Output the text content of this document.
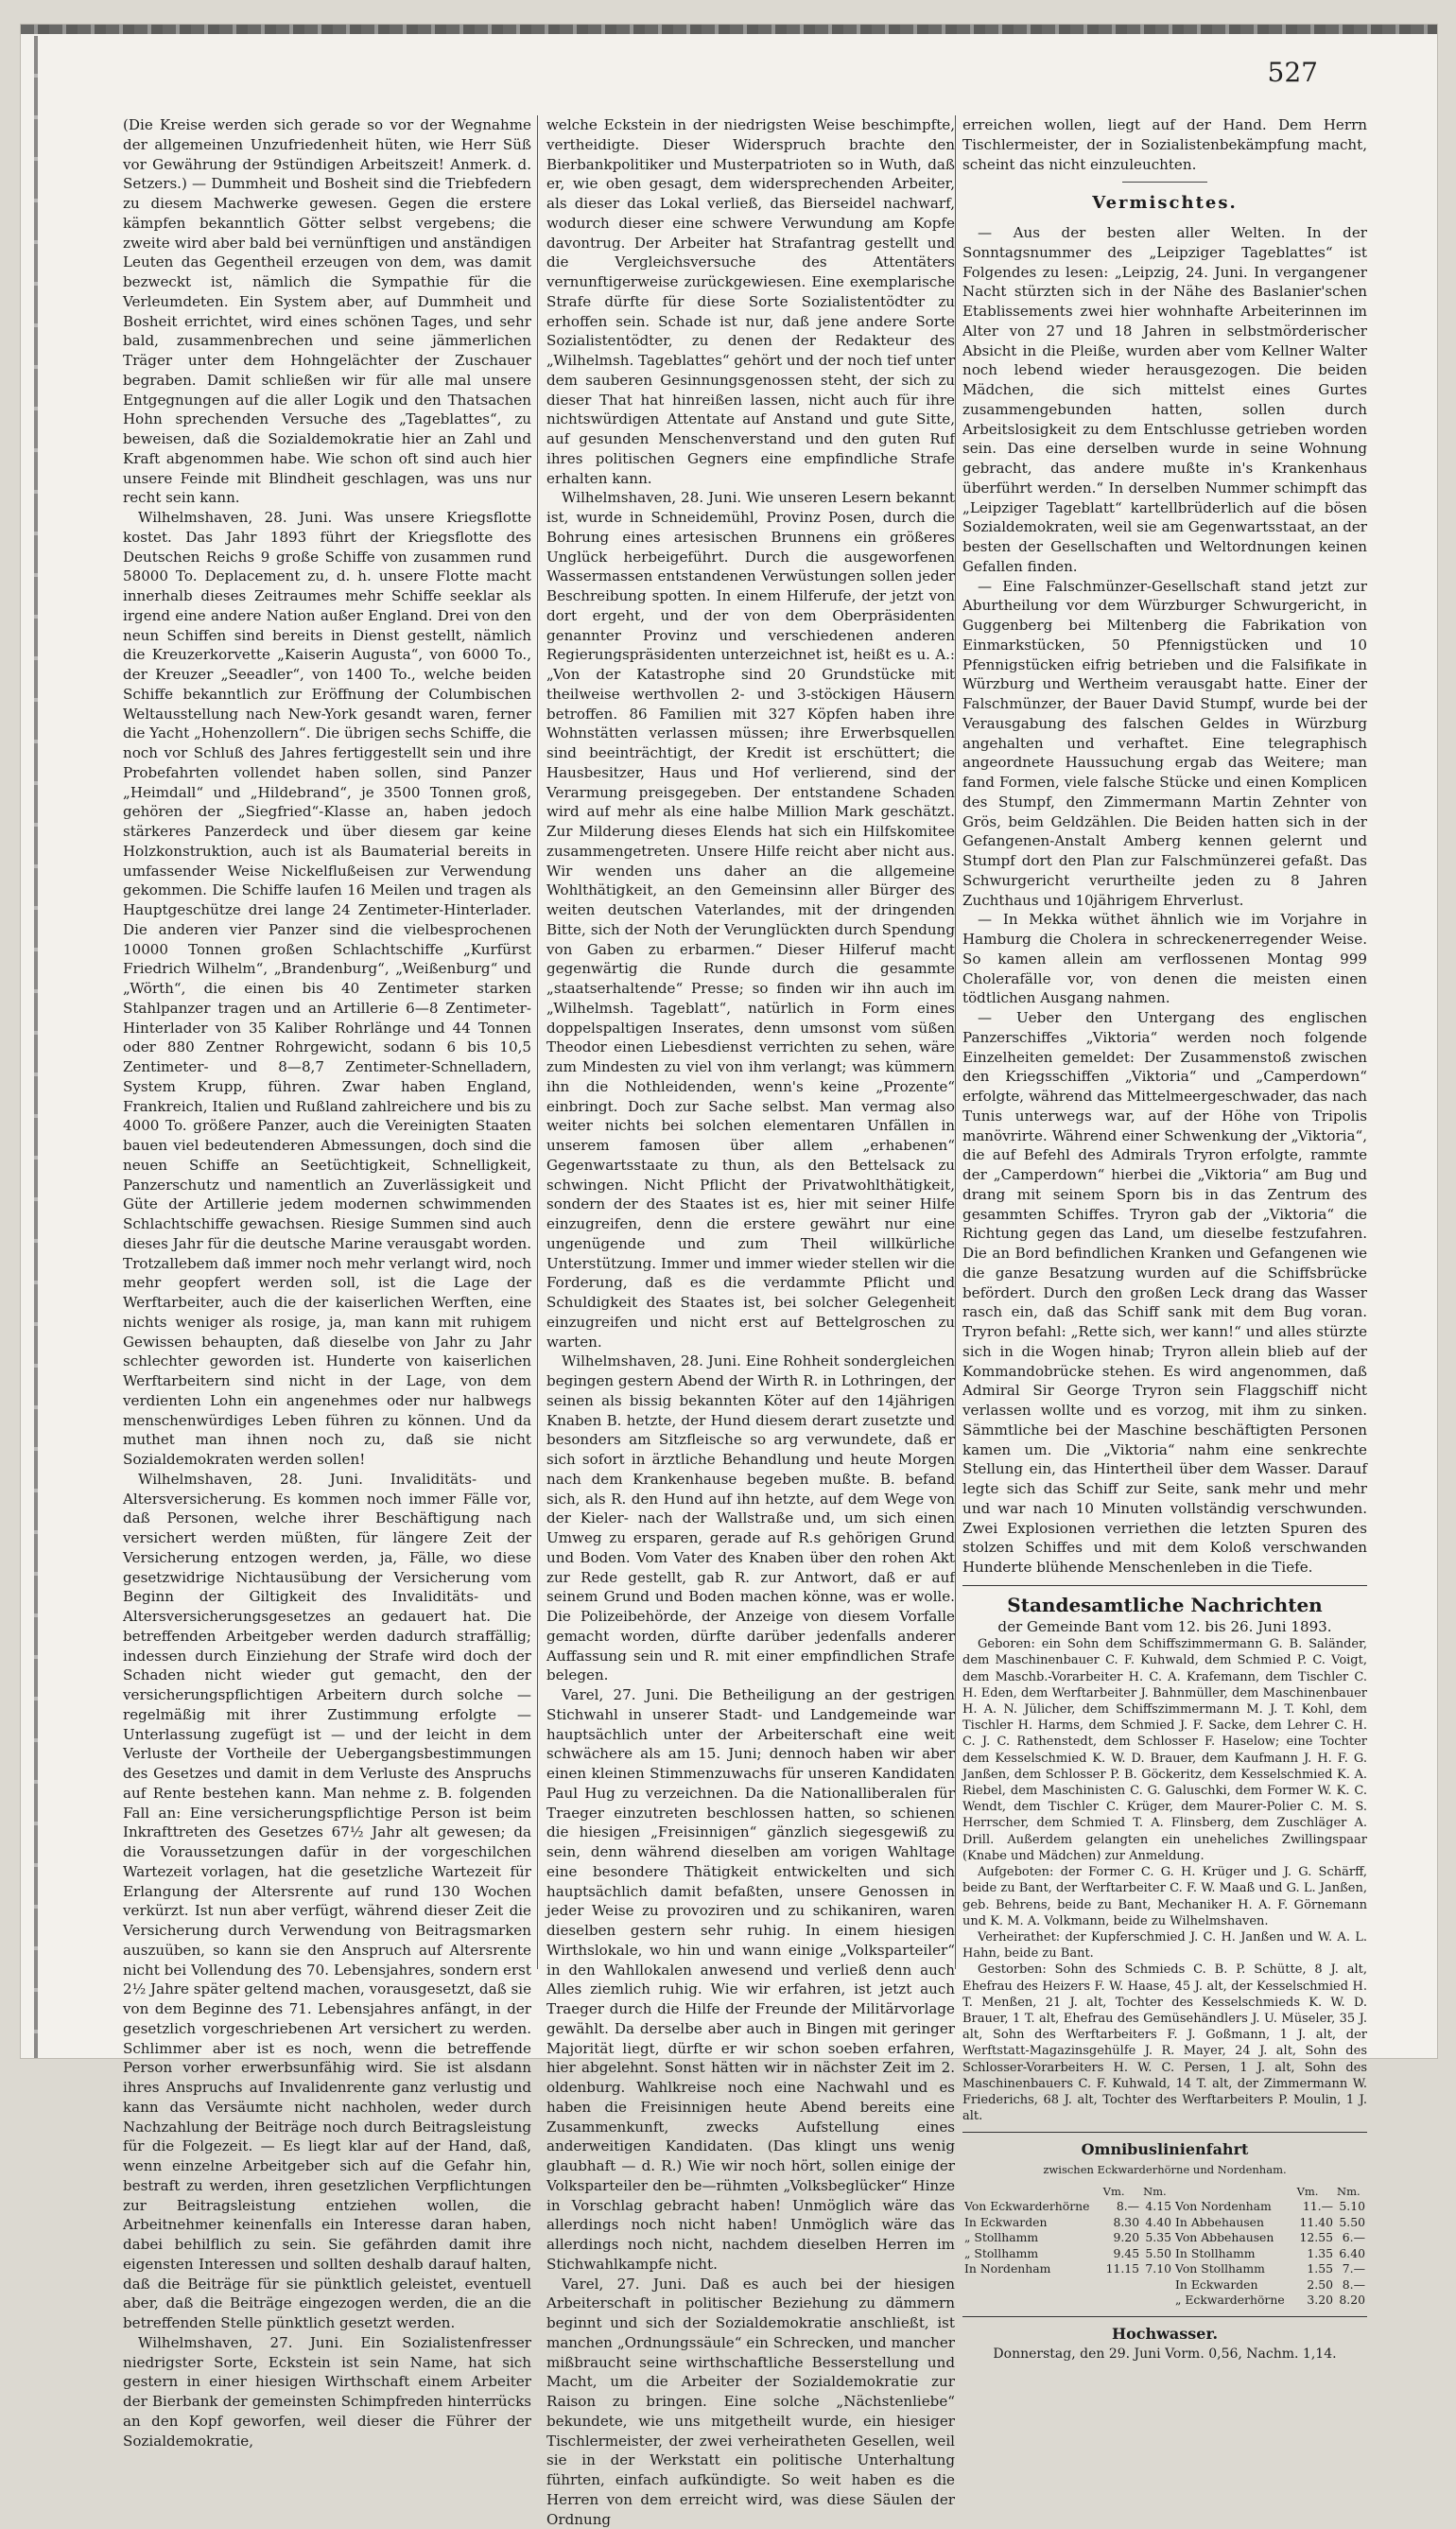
527

(Die Kreise werden sich gerade so vor der Wegnahme der allgemeinen Unzufriedenheit hüten, wie Herr Süß vor Gewährung der 9stündigen Arbeitszeit! Anmerk. d. Setzers.) — Dummheit und Bosheit sind die Triebfedern zu diesem Machwerke gewesen. Gegen die erstere kämpfen bekanntlich Götter selbst vergebens; die zweite wird aber bald bei vernünftigen und anständigen Leuten das Gegentheil erzeugen von dem, was damit bezweckt ist, nämlich die Sympathie für die Verleumdeten. Ein System aber, auf Dummheit und Bosheit errichtet, wird eines schönen Tages, und sehr bald, zusammenbrechen und seine jämmerlichen Träger unter dem Hohngelächter der Zuschauer begraben. Damit schließen wir für alle mal unsere Entgegnungen auf die aller Logik und den Thatsachen Hohn sprechenden Versuche des „Tageblattes“, zu beweisen, daß die Sozialdemokratie hier an Zahl und Kraft abgenommen habe. Wie schon oft sind auch hier unsere Feinde mit Blindheit geschlagen, was uns nur recht sein kann.

Wilhelmshaven, 28. Juni. Was unsere Kriegsflotte kostet. Das Jahr 1893 führt der Kriegsflotte des Deutschen Reichs 9 große Schiffe von zusammen rund 58000 To. Deplacement zu, d. h. unsere Flotte macht innerhalb dieses Zeitraumes mehr Schiffe seeklar als irgend eine andere Nation außer England. Drei von den neun Schiffen sind bereits in Dienst gestellt, nämlich die Kreuzerkorvette „Kaiserin Augusta“, von 6000 To., der Kreuzer „Seeadler“, von 1400 To., welche beiden Schiffe bekanntlich zur Eröffnung der Columbischen Weltausstellung nach New-York gesandt waren, ferner die Yacht „Hohenzollern“. Die übrigen sechs Schiffe, die noch vor Schluß des Jahres fertiggestellt sein und ihre Probefahrten vollendet haben sollen, sind Panzer „Heimdall“ und „Hildebrand“, je 3500 Tonnen groß, gehören der „Siegfried“-Klasse an, haben jedoch stärkeres Panzerdeck und über diesem gar keine Holzkonstruktion, auch ist als Baumaterial bereits in umfassender Weise Nickelflußeisen zur Verwendung gekommen. Die Schiffe laufen 16 Meilen und tragen als Hauptgeschütze drei lange 24 Zentimeter-Hinterlader. Die anderen vier Panzer sind die vielbesprochenen 10000 Tonnen großen Schlachtschiffe „Kurfürst Friedrich Wilhelm“, „Brandenburg“, „Weißenburg“ und „Wörth“, die einen bis 40 Zentimeter starken Stahlpanzer tragen und an Artillerie 6—8 Zentimeter-Hinterlader von 35 Kaliber Rohrlänge und 44 Tonnen oder 880 Zentner Rohrgewicht, sodann 6 bis 10,5 Zentimeter- und 8—8,7 Zentimeter-Schnelladern, System Krupp, führen. Zwar haben England, Frankreich, Italien und Rußland zahlreichere und bis zu 4000 To. größere Panzer, auch die Vereinigten Staaten bauen viel bedeutenderen Abmessungen, doch sind die neuen Schiffe an Seetüchtigkeit, Schnelligkeit, Panzerschutz und namentlich an Zuverlässigkeit und Güte der Artillerie jedem modernen schwimmenden Schlachtschiffe gewachsen. Riesige Summen sind auch dieses Jahr für die deutsche Marine verausgabt worden. Trotzallebem daß immer noch mehr verlangt wird, noch mehr geopfert werden soll, ist die Lage der Werftarbeiter, auch die der kaiserlichen Werften, eine nichts weniger als rosige, ja, man kann mit ruhigem Gewissen behaupten, daß dieselbe von Jahr zu Jahr schlechter geworden ist. Hunderte von kaiserlichen Werftarbeitern sind nicht in der Lage, von dem verdienten Lohn ein angenehmes oder nur halbwegs menschenwürdiges Leben führen zu können. Und da muthet man ihnen noch zu, daß sie nicht Sozialdemokraten werden sollen!

Wilhelmshaven, 28. Juni. Invaliditäts- und Altersversicherung. Es kommen noch immer Fälle vor, daß Personen, welche ihrer Beschäftigung nach versichert werden müßten, für längere Zeit der Versicherung entzogen werden, ja, Fälle, wo diese gesetzwidrige Nichtausübung der Versicherung vom Beginn der Giltigkeit des Invaliditäts- und Altersversicherungsgesetzes an gedauert hat. Die betreffenden Arbeitgeber werden dadurch straffällig; indessen durch Einziehung der Strafe wird doch der Schaden nicht wieder gut gemacht, den der versicherungspflichtigen Arbeitern durch solche — regelmäßig mit ihrer Zustimmung erfolgte — Unterlassung zugefügt ist — und der leicht in dem Verluste der Vortheile der Uebergangsbestimmungen des Gesetzes und damit in dem Verluste des Anspruchs auf Rente bestehen kann. Man nehme z. B. folgenden Fall an: Eine versicherungspflichtige Person ist beim Inkrafttreten des Gesetzes 67½ Jahr alt gewesen; da die Voraussetzungen dafür in der vorgeschilchen Wartezeit vorlagen, hat die gesetzliche Wartezeit für Erlangung der Altersrente auf rund 130 Wochen verkürzt. Ist nun aber verfügt, während dieser Zeit die Versicherung durch Verwendung von Beitragsmarken auszuüben, so kann sie den Anspruch auf Altersrente nicht bei Vollendung des 70. Lebensjahres, sondern erst 2½ Jahre später geltend machen, vorausgesetzt, daß sie von dem Beginne des 71. Lebensjahres anfängt, in der gesetzlich vorgeschriebenen Art versichert zu werden. Schlimmer aber ist es noch, wenn die betreffende Person vorher erwerbsunfähig wird. Sie ist alsdann ihres Anspruchs auf Invalidenrente ganz verlustig und kann das Versäumte nicht nachholen, weder durch Nachzahlung der Beiträge noch durch Beitragsleistung für die Folgezeit. — Es liegt klar auf der Hand, daß, wenn einzelne Arbeitgeber sich auf die Gefahr hin, bestraft zu werden, ihren gesetzlichen Verpflichtungen zur Beitragsleistung entziehen wollen, die Arbeitnehmer keinenfalls ein Interesse daran haben, dabei behilflich zu sein. Sie gefährden damit ihre eigensten Interessen und sollten deshalb darauf halten, daß die Beiträge für sie pünktlich geleistet, eventuell aber, daß die Beiträge eingezogen werden, die an die betreffenden Stelle pünktlich gesetzt werden.

Wilhelmshaven, 27. Juni. Ein Sozialistenfresser niedrigster Sorte, Eckstein ist sein Name, hat sich gestern in einer hiesigen Wirthschaft einem Arbeiter der Bierbank der gemeinsten Schimpfreden hinterrücks an den Kopf geworfen, weil dieser die Führer der Sozialdemokratie,

welche Eckstein in der niedrigsten Weise beschimpfte, vertheidigte. Dieser Widerspruch brachte den Bierbankpolitiker und Musterpatrioten so in Wuth, daß er, wie oben gesagt, dem widersprechenden Arbeiter, als dieser das Lokal verließ, das Bierseidel nachwarf, wodurch dieser eine schwere Verwundung am Kopfe davontrug. Der Arbeiter hat Strafantrag gestellt und die Vergleichsversuche des Attentäters vernunftigerweise zurückgewiesen. Eine exemplarische Strafe dürfte für diese Sorte Sozialistentödter zu erhoffen sein. Schade ist nur, daß jene andere Sorte Sozialistentödter, zu denen der Redakteur des „Wilhelmsh. Tageblattes“ gehört und der noch tief unter dem sauberen Gesinnungsgenossen steht, der sich zu dieser That hat hinreißen lassen, nicht auch für ihre nichtswürdigen Attentate auf Anstand und gute Sitte, auf gesunden Menschenverstand und den guten Ruf ihres politischen Gegners eine empfindliche Strafe erhalten kann.

Wilhelmshaven, 28. Juni. Wie unseren Lesern bekannt ist, wurde in Schneidemühl, Provinz Posen, durch die Bohrung eines artesischen Brunnens ein größeres Unglück herbeigeführt. Durch die ausgeworfenen Wassermassen entstandenen Verwüstungen sollen jeder Beschreibung spotten. In einem Hilferufe, der jetzt von dort ergeht, und der von dem Oberpräsidenten genannter Provinz und verschiedenen anderen Regierungspräsidenten unterzeichnet ist, heißt es u. A.: „Von der Katastrophe sind 20 Grundstücke mit theilweise werthvollen 2- und 3-stöckigen Häusern betroffen. 86 Familien mit 327 Köpfen haben ihre Wohnstätten verlassen müssen; ihre Erwerbsquellen sind beeinträchtigt, der Kredit ist erschüttert; die Hausbesitzer, Haus und Hof verlierend, sind der Verarmung preisgegeben. Der entstandene Schaden wird auf mehr als eine halbe Million Mark geschätzt. Zur Milderung dieses Elends hat sich ein Hilfskomitee zusammengetreten. Unsere Hilfe reicht aber nicht aus. Wir wenden uns daher an die allgemeine Wohlthätigkeit, an den Gemeinsinn aller Bürger des weiten deutschen Vaterlandes, mit der dringenden Bitte, sich der Noth der Verunglückten durch Spendung von Gaben zu erbarmen.“ Dieser Hilferuf macht gegenwärtig die Runde durch die gesammte „staatserhaltende“ Presse; so finden wir ihn auch im „Wilhelmsh. Tageblatt“, natürlich in Form eines doppelspaltigen Inserates, denn umsonst vom süßen Theodor einen Liebesdienst verrichten zu sehen, wäre zum Mindesten zu viel von ihm verlangt; was kümmern ihn die Nothleidenden, wenn's keine „Prozente“ einbringt. Doch zur Sache selbst. Man vermag also weiter nichts bei solchen elementaren Unfällen in unserem famosen über allem „erhabenen“ Gegenwartsstaate zu thun, als den Bettelsack zu schwingen. Nicht Pflicht der Privatwohlthätigkeit, sondern der des Staates ist es, hier mit seiner Hilfe einzugreifen, denn die erstere gewährt nur eine ungenügende und zum Theil willkürliche Unterstützung. Immer und immer wieder stellen wir die Forderung, daß es die verdammte Pflicht und Schuldigkeit des Staates ist, bei solcher Gelegenheit einzugreifen und nicht erst auf Bettelgroschen zu warten.

Wilhelmshaven, 28. Juni. Eine Rohheit sondergleichen begingen gestern Abend der Wirth R. in Lothringen, der seinen als bissig bekannten Köter auf den 14jährigen Knaben B. hetzte, der Hund diesem derart zusetzte und besonders am Sitzfleische so arg verwundete, daß er sich sofort in ärztliche Behandlung und heute Morgen nach dem Krankenhause begeben mußte. B. befand sich, als R. den Hund auf ihn hetzte, auf dem Wege von der Kieler- nach der Wallstraße und, um sich einen Umweg zu ersparen, gerade auf R.s gehörigen Grund und Boden. Vom Vater des Knaben über den rohen Akt zur Rede gestellt, gab R. zur Antwort, daß er auf seinem Grund und Boden machen könne, was er wolle. Die Polizeibehörde, der Anzeige von diesem Vorfalle gemacht worden, dürfte darüber jedenfalls anderer Auffassung sein und R. mit einer empfindlichen Strafe belegen.

Varel, 27. Juni. Die Betheiligung an der gestrigen Stichwahl in unserer Stadt- und Landgemeinde war hauptsächlich unter der Arbeiterschaft eine weit schwächere als am 15. Juni; dennoch haben wir aber einen kleinen Stimmenzuwachs für unseren Kandidaten Paul Hug zu verzeichnen. Da die Nationalliberalen für Traeger einzutreten beschlossen hatten, so schienen die hiesigen „Freisinnigen“ gänzlich siegesgewiß zu sein, denn während dieselben am vorigen Wahltage eine besondere Thätigkeit entwickelten und sich hauptsächlich damit befaßten, unsere Genossen in jeder Weise zu provoziren und zu schikaniren, waren dieselben gestern sehr ruhig. In einem hiesigen Wirthslokale, wo hin und wann einige „Volksparteiler“ in den Wahllokalen anwesend und verließ denn auch Alles ziemlich ruhig. Wie wir erfahren, ist jetzt auch Traeger durch die Hilfe der Freunde der Militärvorlage gewählt. Da derselbe aber auch in Bingen mit geringer Majorität liegt, dürfte er wir schon soeben erfahren, hier abgelehnt. Sonst hätten wir in nächster Zeit im 2. oldenburg. Wahlkreise noch eine Nachwahl und es haben die Freisinnigen heute Abend bereits eine Zusammenkunft, zwecks Aufstellung eines anderweitigen Kandidaten. (Das klingt uns wenig glaubhaft — d. R.) Wie wir noch hört, sollen einige der Volksparteiler den be—rühmten „Volksbeglücker“ Hinze in Vorschlag gebracht haben! Unmöglich wäre das allerdings noch nicht haben! Unmöglich wäre das allerdings noch nicht, nachdem dieselben Herren im Stichwahlkampfe nicht.

Varel, 27. Juni. Daß es auch bei der hiesigen Arbeiterschaft in politischer Beziehung zu dämmern beginnt und sich der Sozialdemokratie anschließt, ist manchen „Ordnungssäule“ ein Schrecken, und mancher mißbraucht seine wirthschaftliche Besserstellung und Macht, um die Arbeiter der Sozialdemokratie zur Raison zu bringen. Eine solche „Nächstenliebe“ bekundete, wie uns mitgetheilt wurde, ein hiesiger Tischlermeister, der zwei verheiratheten Gesellen, weil sie in der Werkstatt ein politische Unterhaltung führten, einfach aufkündigte. So weit haben es die Herren von dem erreicht wird, was diese Säulen der Ordnung

erreichen wollen, liegt auf der Hand. Dem Herrn Tischlermeister, der in Sozialistenbekämpfung macht, scheint das nicht einzuleuchten.

Vermischtes.

— Aus der besten aller Welten. In der Sonntagsnummer des „Leipziger Tageblattes“ ist Folgendes zu lesen: „Leipzig, 24. Juni. In vergangener Nacht stürzten sich in der Nähe des Baslanier'schen Etablissements zwei hier wohnhafte Arbeiterinnen im Alter von 27 und 18 Jahren in selbstmörderischer Absicht in die Pleiße, wurden aber vom Kellner Walter noch lebend wieder herausgezogen. Die beiden Mädchen, die sich mittelst eines Gurtes zusammengebunden hatten, sollen durch Arbeitslosigkeit zu dem Entschlusse getrieben worden sein. Das eine derselben wurde in seine Wohnung gebracht, das andere mußte in's Krankenhaus überführt werden.“ In derselben Nummer schimpft das „Leipziger Tageblatt“ kartellbrüderlich auf die bösen Sozialdemokraten, weil sie am Gegenwartsstaat, an der besten der Gesellschaften und Weltordnungen keinen Gefallen finden.

— Eine Falschmünzer-Gesellschaft stand jetzt zur Aburtheilung vor dem Würzburger Schwurgericht, in Guggenberg bei Miltenberg die Fabrikation von Einmarkstücken, 50 Pfennigstücken und 10 Pfennigstücken eifrig betrieben und die Falsifikate in Würzburg und Wertheim verausgabt hatte. Einer der Falschmünzer, der Bauer David Stumpf, wurde bei der Verausgabung des falschen Geldes in Würzburg angehalten und verhaftet. Eine telegraphisch angeordnete Haussuchung ergab das Weitere; man fand Formen, viele falsche Stücke und einen Komplicen des Stumpf, den Zimmermann Martin Zehnter von Grös, beim Geldzählen. Die Beiden hatten sich in der Gefangenen-Anstalt Amberg kennen gelernt und Stumpf dort den Plan zur Falschmünzerei gefaßt. Das Schwurgericht verurtheilte jeden zu 8 Jahren Zuchthaus und 10jährigem Ehrverlust.

— In Mekka wüthet ähnlich wie im Vorjahre in Hamburg die Cholera in schreckenerregender Weise. So kamen allein am verflossenen Montag 999 Cholerafälle vor, von denen die meisten einen tödtlichen Ausgang nahmen.

— Ueber den Untergang des englischen Panzerschiffes „Viktoria“ werden noch folgende Einzelheiten gemeldet: Der Zusammenstoß zwischen den Kriegsschiffen „Viktoria“ und „Camperdown“ erfolgte, während das Mittelmeergeschwader, das nach Tunis unterwegs war, auf der Höhe von Tripolis manövrirte. Während einer Schwenkung der „Viktoria“, die auf Befehl des Admirals Tryron erfolgte, rammte der „Camperdown“ hierbei die „Viktoria“ am Bug und drang mit seinem Sporn bis in das Zentrum des gesammten Schiffes. Tryron gab der „Viktoria“ die Richtung gegen das Land, um dieselbe festzufahren. Die an Bord befindlichen Kranken und Gefangenen wie die ganze Besatzung wurden auf die Schiffsbrücke befördert. Durch den großen Leck drang das Wasser rasch ein, daß das Schiff sank mit dem Bug voran. Tryron befahl: „Rette sich, wer kann!“ und alles stürzte sich in die Wogen hinab; Tryron allein blieb auf der Kommandobrücke stehen. Es wird angenommen, daß Admiral Sir George Tryron sein Flaggschiff nicht verlassen wollte und es vorzog, mit ihm zu sinken. Sämmtliche bei der Maschine beschäftigten Personen kamen um. Die „Viktoria“ nahm eine senkrechte Stellung ein, das Hintertheil über dem Wasser. Darauf legte sich das Schiff zur Seite, sank mehr und mehr und war nach 10 Minuten vollständig verschwunden. Zwei Explosionen verriethen die letzten Spuren des stolzen Schiffes und mit dem Koloß verschwanden Hunderte blühende Menschenleben in die Tiefe.

Standesamtliche Nachrichten

der Gemeinde Bant vom 12. bis 26. Juni 1893.

Geboren: ein Sohn dem Schiffszimmermann G. B. Saländer, dem Maschinenbauer C. F. Kuhwald, dem Schmied P. C. Voigt, dem Maschb.-Vorarbeiter H. C. A. Krafemann, dem Tischler C. H. Eden, dem Werftarbeiter J. Bahnmüller, dem Maschinenbauer H. A. N. Jülicher, dem Schiffszimmermann M. J. T. Kohl, dem Tischler H. Harms, dem Schmied J. F. Sacke, dem Lehrer C. H. C. J. C. Rathenstedt, dem Schlosser F. Haselow; eine Tochter dem Kesselschmied K. W. D. Brauer, dem Kaufmann J. H. F. G. Janßen, dem Schlosser P. B. Göckeritz, dem Kesselschmied K. A. Riebel, dem Maschinisten C. G. Galuschki, dem Former W. K. C. Wendt, dem Tischler C. Krüger, dem Maurer-Polier C. M. S. Herrscher, dem Schmied T. A. Flinsberg, dem Zuschläger A. Drill. Außerdem gelangten ein uneheliches Zwillingspaar (Knabe und Mädchen) zur Anmeldung.

Aufgeboten: der Former C. G. H. Krüger und J. G. Schärff, beide zu Bant, der Werftarbeiter C. F. W. Maaß und G. L. Janßen, geb. Behrens, beide zu Bant, Mechaniker H. A. F. Görnemann und K. M. A. Volkmann, beide zu Wilhelmshaven.

Verheirathet: der Kupferschmied J. C. H. Janßen und W. A. L. Hahn, beide zu Bant.

Gestorben: Sohn des Schmieds C. B. P. Schütte, 8 J. alt, Ehefrau des Heizers F. W. Haase, 45 J. alt, der Kesselschmied H. T. Menßen, 21 J. alt, Tochter des Kesselschmieds K. W. D. Brauer, 1 T. alt, Ehefrau des Gemüsehändlers J. U. Müseler, 35 J. alt, Sohn des Werftarbeiters F. J. Goßmann, 1 J. alt, der Werftstatt-Magazinsgehülfe J. R. Mayer, 24 J. alt, Sohn des Schlosser-Vorarbeiters H. W. C. Persen, 1 J. alt, Sohn des Maschinenbauers C. F. Kuhwald, 14 T. alt, der Zimmermann W. Friederichs, 68 J. alt, Tochter des Werftarbeiters P. Moulin, 1 J. alt.

Omnibuslinienfahrt
zwischen Eckwarderhörne und Nordenham.
	Vm.	Nm.		Vm.	Nm.
Von Eckwarderhörne	8.—	4.15	Von Nordenham	11.—	5.10
In Eckwarden	8.30	4.40	In Abbehausen	11.40	5.50
„ Stollhamm	9.20	5.35	Von Abbehausen	12.55	6.—
„ Stollhamm	9.45	5.50	In Stollhamm	1.35	6.40
In Nordenham	11.15	7.10	Von Stollhamm	1.55	7.—
			In Eckwarden	2.50	8.—
			„ Eckwarderhörne	3.20	8.20
Hochwasser.
Donnerstag, den 29. Juni Vorm. 0,56, Nachm. 1,14.
